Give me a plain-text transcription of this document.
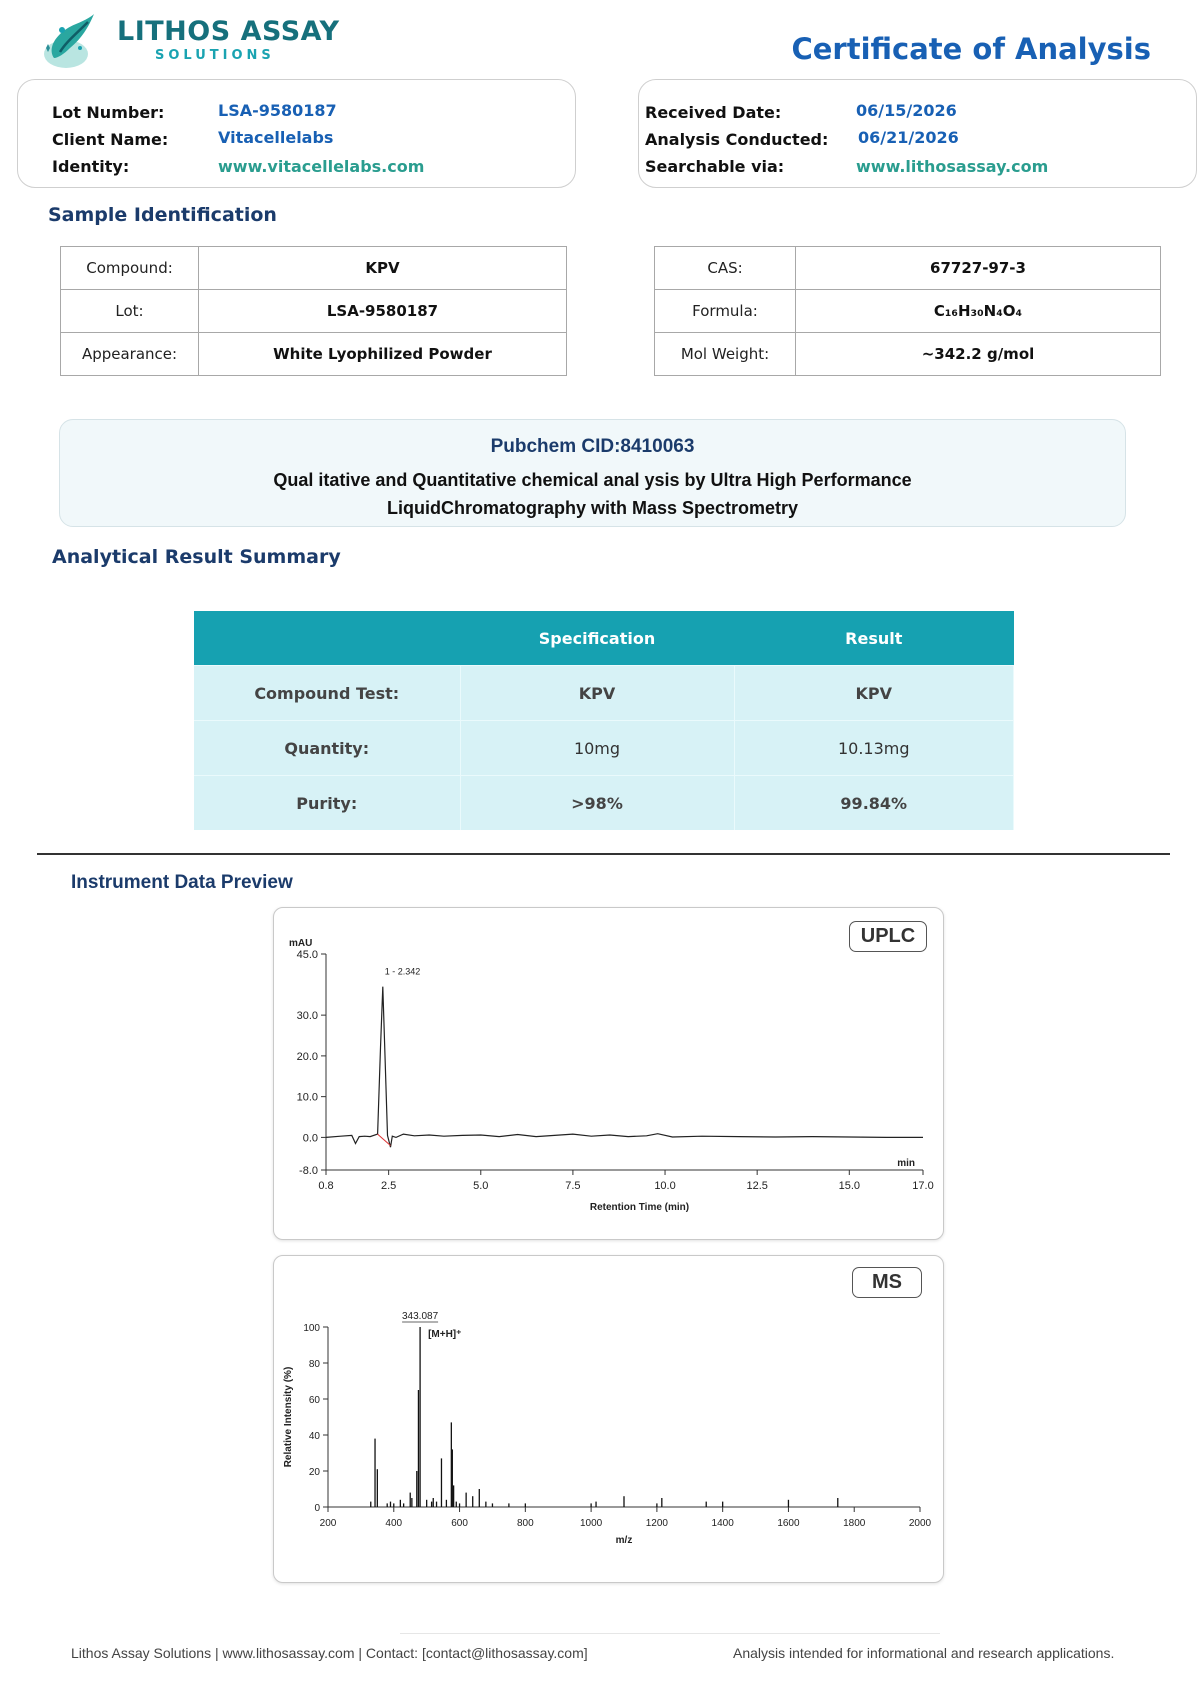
LITHOS ASSAY
SOLUTIONS	Certificate of Analysis
Lot Number:	LSA-9580187
Client Name:	Vitacellelabs
Identity:	www.vitacellelabs.com
Received Date:	06/15/2026
Analysis Conducted: 06/21/2026
Searchable via:	www.lithosassay.com
Sample Identification
Compound:	KPV
Lot:	LSA-9580187
Appearance:	White Lyophilized Powder
CAS:	67727-97-3
Formula:	C₁₆H₃₀N₄O₄
Mol Weight:	~342.2 g/mol
Pubchem CID:8410063
Qual itative and Quantitative chemical anal ysis by Ultra High Performance
LiquidChromatography with Mass Spectrometry
Analytical Result Summary
	Specification	Result
Compound Test:	KPV	KPV
Quantity:	10mg	10.13mg
Purity:	>98%	99.84%
Instrument Data Preview
UPLC
45.0
30.0
20.0
10.0
0.0
-8.0
0.8	2.5	5.0	7.5	10.0	12.5	15.0	17.0
mAU
min
Retention Time (min)
1 - 2.342
MS
100
80
60
40
20
0
200	400	600	800	1000	1200	1400	1600	1800	2000
Relative Intensity (%)
m/z
343.087
[M+H]⁺
Lithos Assay Solutions | www.lithosassay.com | Contact: [contact@lithosassay.com]	Analysis intended for informational and research applications.
